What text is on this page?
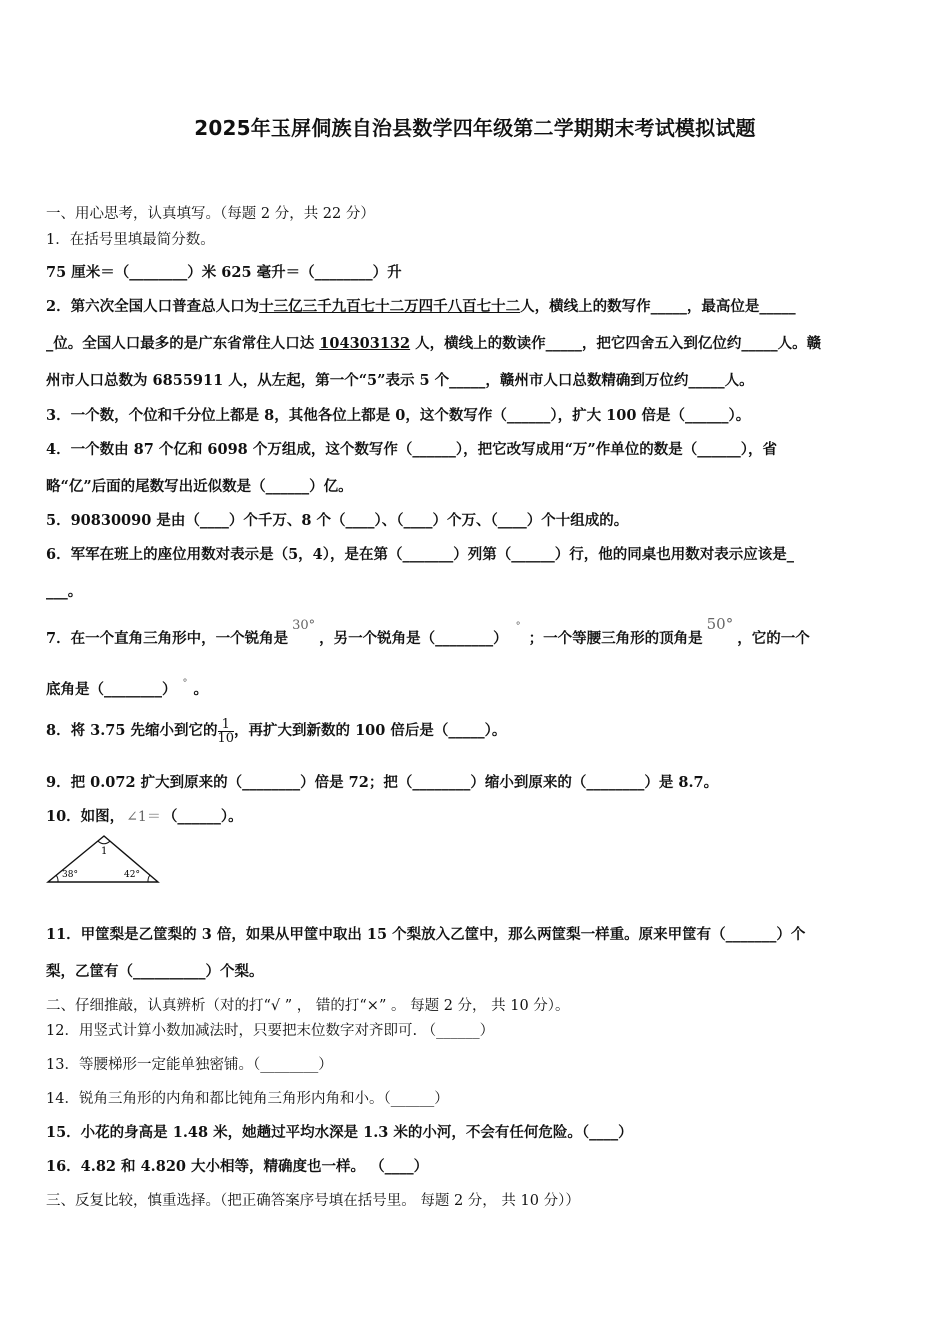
2025年玉屏侗族自治县数学四年级第二学期期末考试模拟试题
一、用心思考，认真填写。（每题 2 分，共 22 分）
1．在括号里填最简分数。
75 厘米＝（________）米 625 毫升＝（________）升
2．第六次全国人口普查总人口为十三亿三千九百七十二万四千八百七十二人，横线上的数写作_____，最高位是_____
_位。全国人口最多的是广东省常住人口达 104303132 人，横线上的数读作_____，把它四舍五入到亿位约_____人。赣
州市人口总数为 6855911 人，从左起，第一个“5”表示 5 个_____，赣州市人口总数精确到万位约_____人。
3．一个数，个位和千分位上都是 8，其他各位上都是 0，这个数写作（______），扩大 100 倍是（______）。
4．一个数由 87 个亿和 6098 个万组成，这个数写作（______），把它改写成用“万”作单位的数是（______），省
略“亿”后面的尾数写出近似数是（______）亿。
5．90830090 是由（____）个千万、8 个（____）、（____）个万、（____）个十组成的。
6．军军在班上的座位用数对表示是（5，4），是在第（_______）列第（______）行，他的同桌也用数对表示应该是_
___。
7．在一个直角三角形中，一个锐角是30°，另一个锐角是（________）°；一个等腰三角形的顶角是50°，它的一个
底角是（________） ° 。
8．将 3.75 先缩小到它的 $\frac{1}{10}$ ，再扩大到新数的 100 倍后是（_____）。
9．把 0.072 扩大到原来的（________）倍是 72；把（________）缩小到原来的（________）是 8.7。
10．如图， ∠1＝ （______）。
1
38°	42°
11．甲筐梨是乙筐梨的 3 倍，如果从甲筐中取出 15 个梨放入乙筐中，那么两筐梨一样重。原来甲筐有（_______）个
梨，乙筐有（__________）个梨。
二、仔细推敲，认真辨析（对的打“√ ” ， 错的打“×” 。 每题 2 分， 共 10 分）。
12．用竖式计算小数加减法时，只要把末位数字对齐即可. （______）
13．等腰梯形一定能单独密铺。（________）
14．锐角三角形的内角和都比钝角三角形内角和小。（______）
15．小花的身高是 1.48 米，她趟过平均水深是 1.3 米的小河，不会有任何危险。（____）
16．4.82 和 4.820 大小相等，精确度也一样。 （____）
三、反复比较，慎重选择。（把正确答案序号填在括号里。 每题 2 分， 共 10 分））
